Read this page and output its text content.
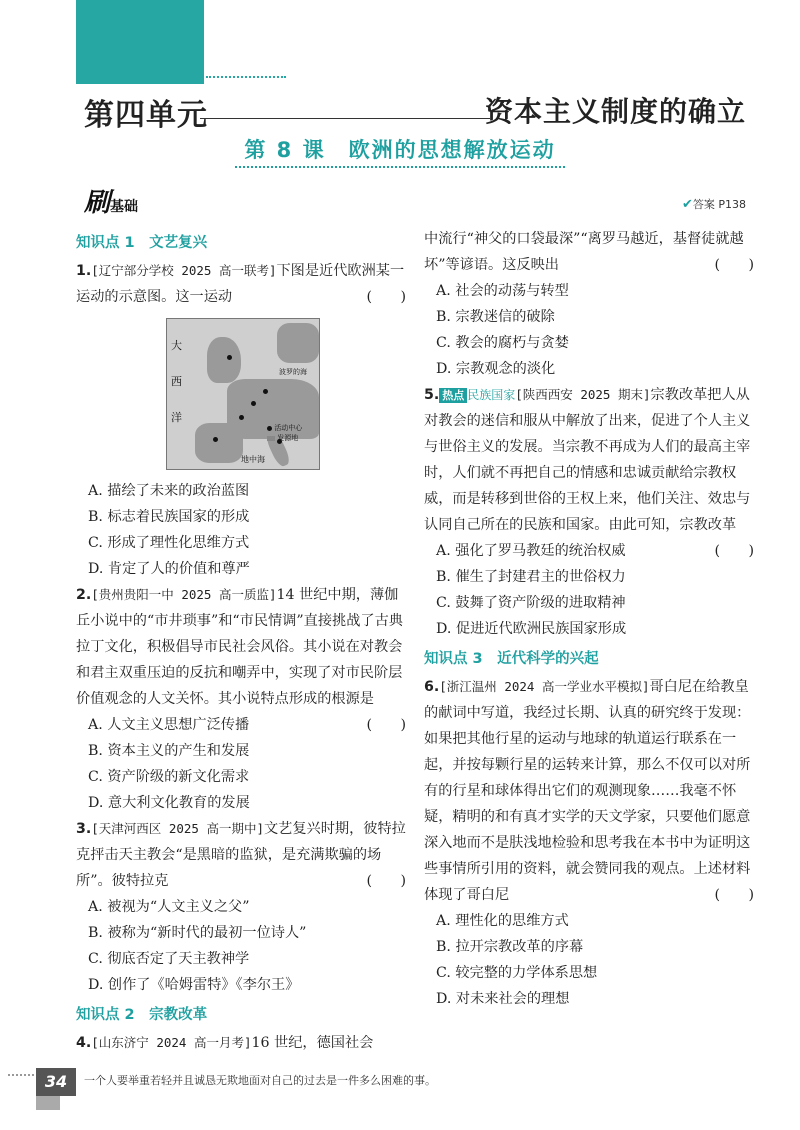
第四单元	资本主义制度的确立
第 8 课　欧洲的思想解放运动
刷基础	✔答案 P138
知识点 1　文艺复兴

1.[辽宁部分学校 2025 高一联考]下图是近代欧洲某一运动的示意图。这一运动	(　　)

大
西
洋
波罗的海
地中海
活动中心
发源地

A. 描绘了未来的政治蓝图

B. 标志着民族国家的形成

C. 形成了理性化思维方式

D. 肯定了人的价值和尊严

2.[贵州贵阳一中 2025 高一质监]14 世纪中期，薄伽丘小说中的“市井琐事”和“市民情调”直接挑战了古典拉丁文化，积极倡导市民社会风俗。其小说在对教会和君主双重压迫的反抗和嘲弄中，实现了对市民阶层价值观念的人文关怀。其小说特点形成的根源是
(　　)

A. 人文主义思想广泛传播

B. 资本主义的产生和发展

C. 资产阶级的新文化需求

D. 意大利文化教育的发展

3.[天津河西区 2025 高一期中]文艺复兴时期，彼特拉克抨击天主教会“是黑暗的监狱，是充满欺骗的场所”。彼特拉克	(　　)

A. 被视为“人文主义之父”

B. 被称为“新时代的最初一位诗人”

C. 彻底否定了天主教神学

D. 创作了《哈姆雷特》《李尔王》

知识点 2　宗教改革

4.[山东济宁 2024 高一月考]16 世纪，德国社会

中流行“神父的口袋最深”“离罗马越近，基督徒就越坏”等谚语。这反映出	(　　)

A. 社会的动荡与转型

B. 宗教迷信的破除

C. 教会的腐朽与贪婪

D. 宗教观念的淡化

5. 热点 民族国家[陕西西安 2025 期末]宗教改革把人从对教会的迷信和服从中解放了出来，促进了个人主义与世俗主义的发展。当宗教不再成为人们的最高主宰时，人们就不再把自己的情感和忠诚贡献给宗教权威，而是转移到世俗的王权上来，他们关注、效忠与认同自己所在的民族和国家。由此可知，宗教改革
(　　)

A. 强化了罗马教廷的统治权威

B. 催生了封建君主的世俗权力

C. 鼓舞了资产阶级的进取精神

D. 促进近代欧洲民族国家形成

知识点 3　近代科学的兴起

6.[浙江温州 2024 高一学业水平模拟]哥白尼在给教皇的献词中写道，我经过长期、认真的研究终于发现：如果把其他行星的运动与地球的轨道运行联系在一起，并按每颗行星的运转来计算，那么不仅可以对所有的行星和球体得出它们的观测现象……我毫不怀疑，精明的和有真才实学的天文学家，只要他们愿意深入地而不是肤浅地检验和思考我在本书中为证明这些事情所引用的资料，就会赞同我的观点。上述材料体现了哥白尼	(　　)

A. 理性化的思维方式

B. 拉开宗教改革的序幕

C. 较完整的力学体系思想

D. 对未来社会的理想

34	一个人要举重若轻并且诚恳无欺地面对自己的过去是一件多么困难的事。
